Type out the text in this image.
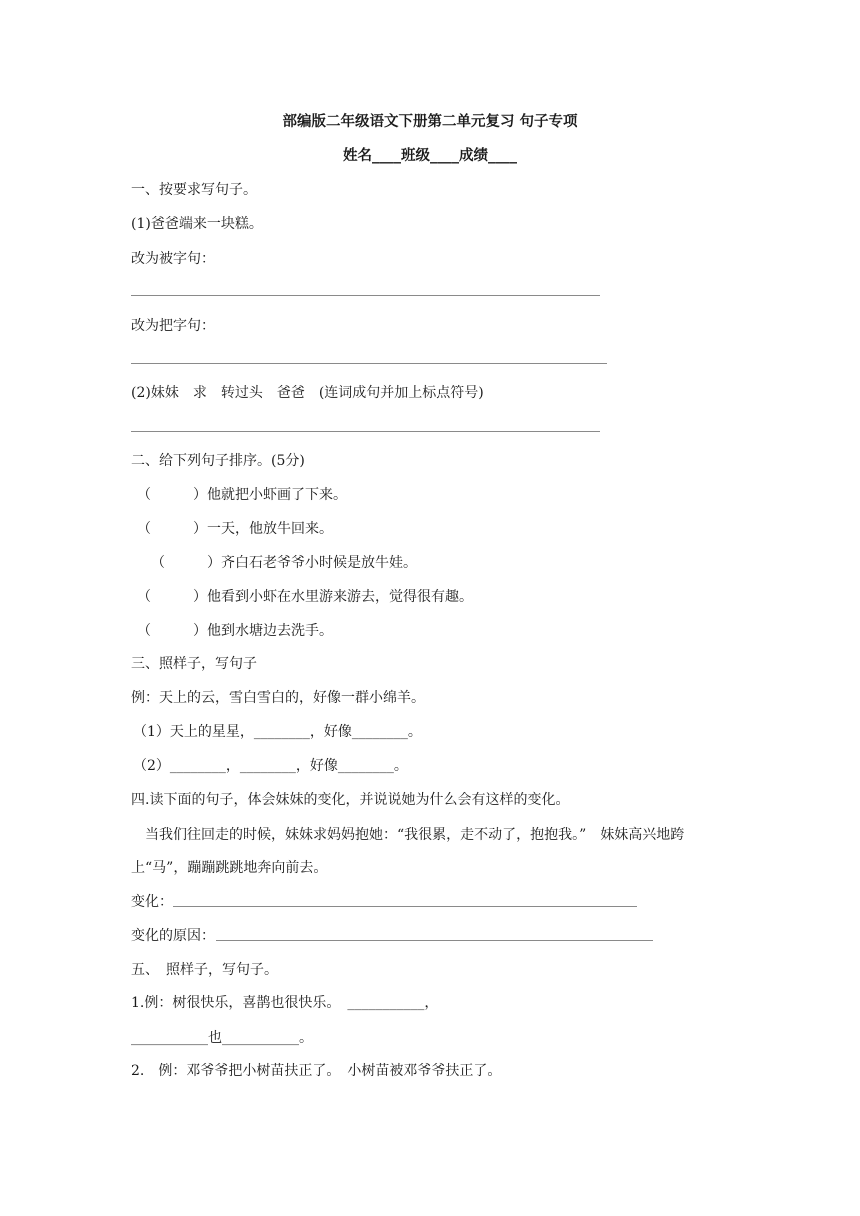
部编版二年级语文下册第二单元复习 句子专项
姓名____班级____成绩____
一、按要求写句子。
(1)爸爸端来一块糕。
改为被字句：
改为把字句：
(2)妹妹　求　转过头　爸爸　(连词成句并加上标点符号)
二、给下列句子排序。(5分)
（　　　）他就把小虾画了下来。
（　　　）一天，他放牛回来。
（　　　）齐白石老爷爷小时候是放牛娃。
（　　　）他看到小虾在水里游来游去，觉得很有趣。
（　　　）他到水塘边去洗手。
三、照样子，写句子
例：天上的云，雪白雪白的，好像一群小绵羊。
（1）天上的星星，________，好像________。
（2）________，________，好像________。
四.读下面的句子，体会妹妹的变化，并说说她为什么会有这样的变化。
当我们往回走的时候，妹妹求妈妈抱她：“我很累，走不动了，抱抱我。”　妹妹高兴地跨
上“马”，蹦蹦跳跳地奔向前去。
变化：
变化的原因：
五、　照样子，写句子。
1.例：树很快乐，喜鹊也很快乐。　___________，
___________也___________。
2.　例：邓爷爷把小树苗扶正了。　小树苗被邓爷爷扶正了。
